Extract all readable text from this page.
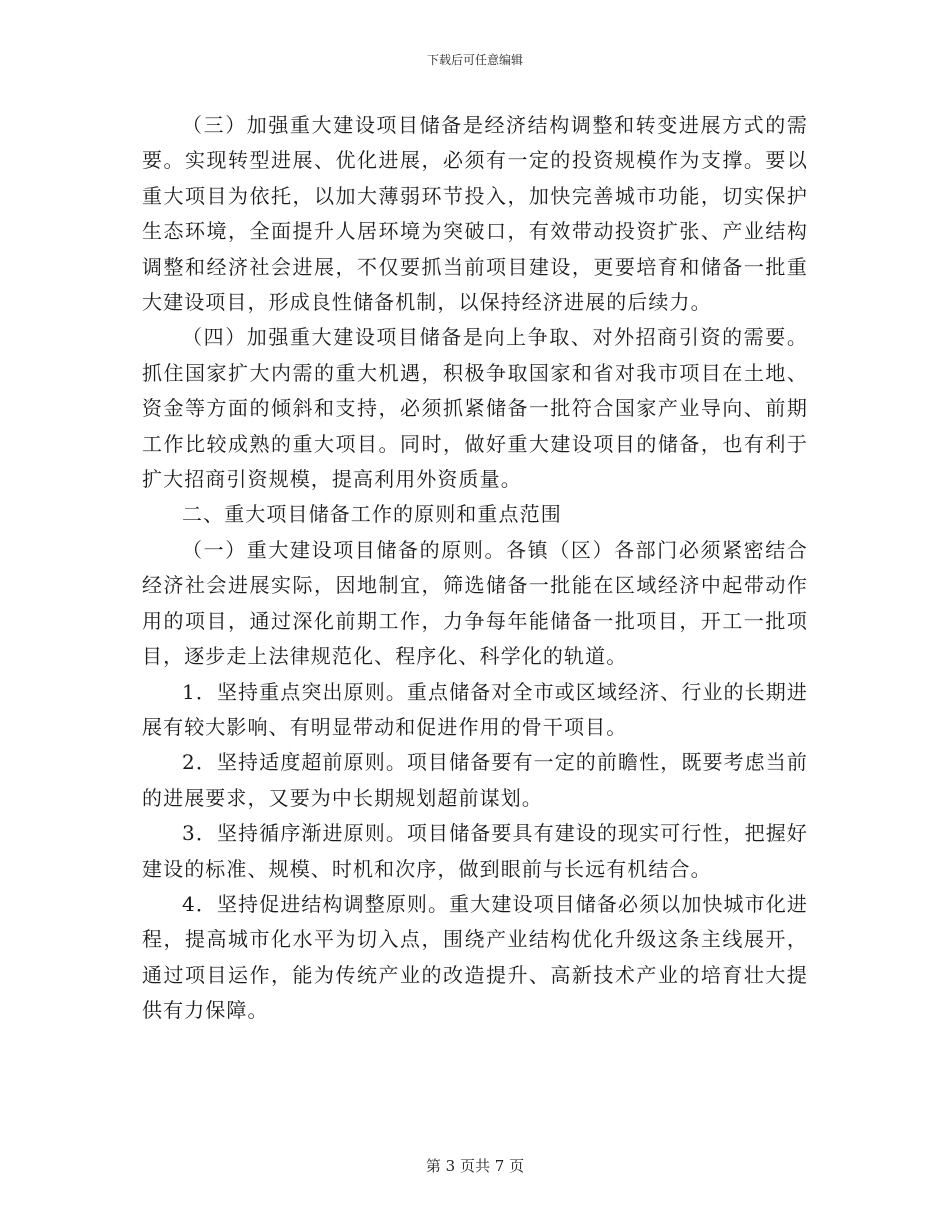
下载后可任意编辑

（三）加强重大建设项目储备是经济结构调整和转变进展方式的需要。实现转型进展、优化进展，必须有一定的投资规模作为支撑。要以重大项目为依托，以加大薄弱环节投入，加快完善城市功能，切实保护生态环境，全面提升人居环境为突破口，有效带动投资扩张、产业结构调整和经济社会进展，不仅要抓当前项目建设，更要培育和储备一批重大建设项目，形成良性储备机制，以保持经济进展的后续力。

（四）加强重大建设项目储备是向上争取、对外招商引资的需要。抓住国家扩大内需的重大机遇，积极争取国家和省对我市项目在土地、资金等方面的倾斜和支持，必须抓紧储备一批符合国家产业导向、前期工作比较成熟的重大项目。同时，做好重大建设项目的储备，也有利于扩大招商引资规模，提高利用外资质量。

二、重大项目储备工作的原则和重点范围

（一）重大建设项目储备的原则。各镇（区）各部门必须紧密结合经济社会进展实际，因地制宜，筛选储备一批能在区域经济中起带动作用的项目，通过深化前期工作，力争每年能储备一批项目，开工一批项目，逐步走上法律规范化、程序化、科学化的轨道。

1．坚持重点突出原则。重点储备对全市或区域经济、行业的长期进展有较大影响、有明显带动和促进作用的骨干项目。

2．坚持适度超前原则。项目储备要有一定的前瞻性，既要考虑当前的进展要求，又要为中长期规划超前谋划。

3．坚持循序渐进原则。项目储备要具有建设的现实可行性，把握好建设的标准、规模、时机和次序，做到眼前与长远有机结合。

4．坚持促进结构调整原则。重大建设项目储备必须以加快城市化进程，提高城市化水平为切入点，围绕产业结构优化升级这条主线展开，通过项目运作，能为传统产业的改造提升、高新技术产业的培育壮大提供有力保障。

第 3 页共 7 页
